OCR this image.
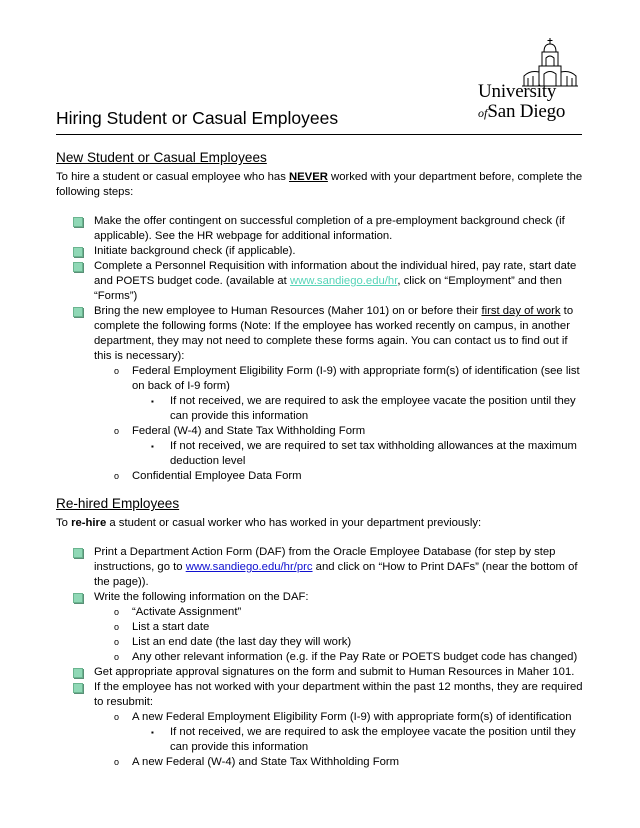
University
ofSan Diego
Hiring Student or Casual Employees
New Student or Casual Employees

To hire a student or casual employee who has NEVER worked with your department before, complete the following steps:

Make the offer contingent on successful completion of a pre-employment background check (if applicable). See the HR webpage for additional information.
Initiate background check (if applicable).
Complete a Personnel Requisition with information about the individual hired, pay rate, start date and POETS budget code. (available at www.sandiego.edu/hr, click on “Employment” and then “Forms”)
Bring the new employee to Human Resources (Maher 101) on or before their first day of work to complete the following forms (Note: If the employee has worked recently on campus, in another department, they may not need to complete these forms again. You can contact us to find out if this is necessary):
o Federal Employment Eligibility Form (I-9) with appropriate form(s) of identification (see list on back of I-9 form)
▪ If not received, we are required to ask the employee vacate the position until they can provide this information
o Federal (W-4) and State Tax Withholding Form
▪ If not received, we are required to set tax withholding allowances at the maximum deduction level
o Confidential Employee Data Form
Re-hired Employees

To re-hire a student or casual worker who has worked in your department previously:

Print a Department Action Form (DAF) from the Oracle Employee Database (for step by step instructions, go to www.sandiego.edu/hr/prc and click on “How to Print DAFs” (near the bottom of the page)).
Write the following information on the DAF:
o “Activate Assignment”
o List a start date
o List an end date (the last day they will work)
o Any other relevant information (e.g. if the Pay Rate or POETS budget code has changed)
Get appropriate approval signatures on the form and submit to Human Resources in Maher 101.
If the employee has not worked with your department within the past 12 months, they are required to resubmit:
o A new Federal Employment Eligibility Form (I-9) with appropriate form(s) of identification
▪ If not received, we are required to ask the employee vacate the position until they can provide this information
o A new Federal (W-4) and State Tax Withholding Form
